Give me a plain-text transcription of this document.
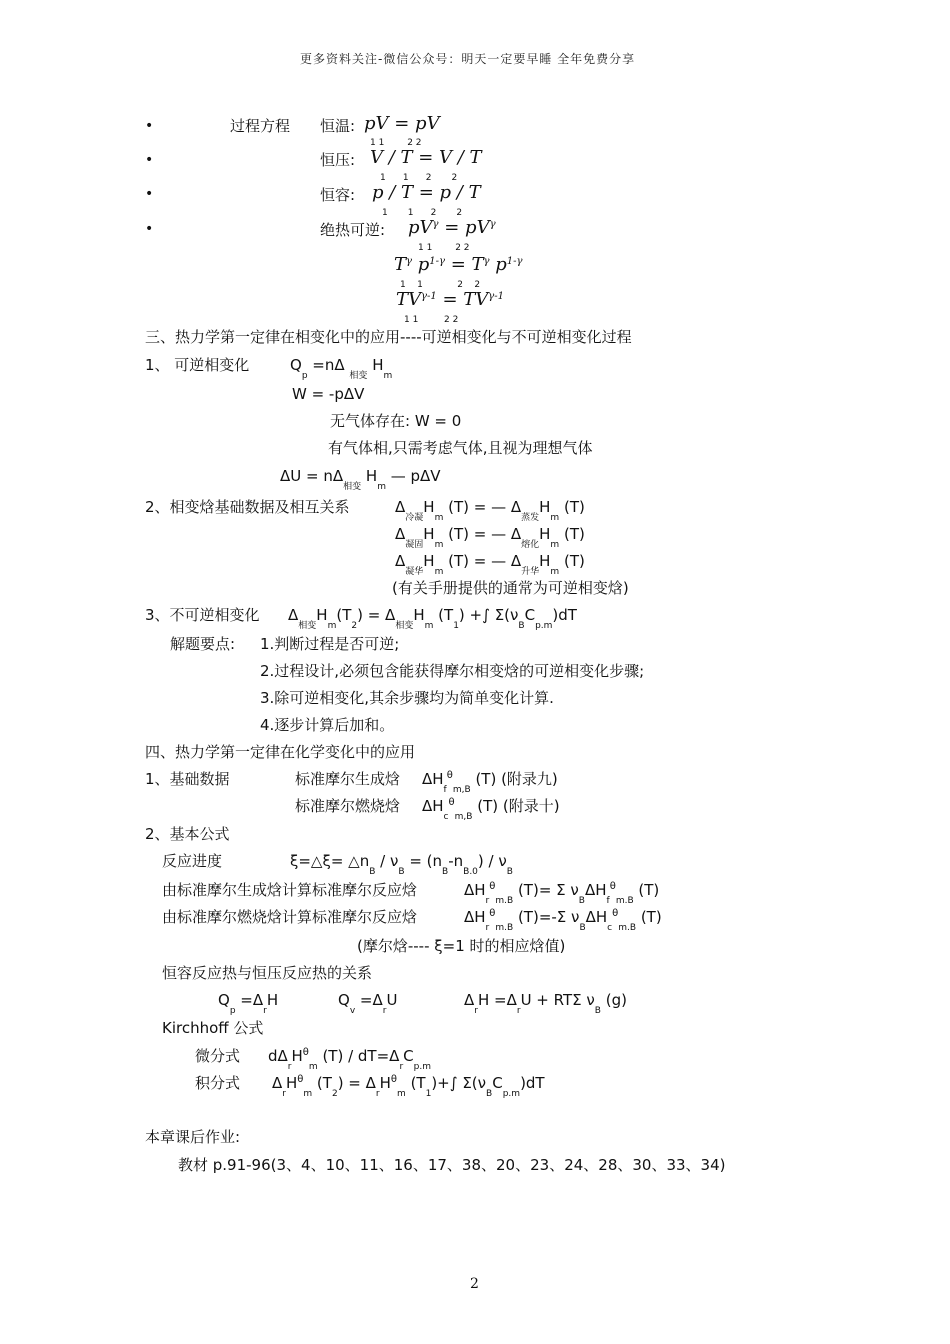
更多资料关注-微信公众号：明天一定要早睡 全年免费分享
•
•
•
•
过程方程 恒温: pV = pV
1 1        2 2
恒压: V / T = V / T
1      1      2       2
恒容: p / T = p / T
1       1      2       2
绝热可逆: $pV^\gamma = pV^\gamma$
1 1        2 2
$T^\gamma$ $p^{1-\gamma} = T^\gamma$ $p^{1-\gamma}$
1    1            2    2
$TV^{\gamma-1} = TV^{\gamma-1}$
1 1         2 2
三、热力学第一定律在相变化中的应用----可逆相变化与不可逆相变化过程
1、 可逆相变化	$Q_p =n\Delta$ $_{相变}$ $H_m$
W = -pΔV
无气体存在: W = 0
有气体相,只需考虑气体,且视为理想气体
$\Delta U = n\Delta_{相变}$ $H_m$ — pΔV
2、相变焓基础数据及相互关系	$\Delta_{冷凝}H_m$ (T) = — $\Delta_{蒸发}H_m$ (T)
$\Delta_{凝固}H_m$ (T) = — $\Delta_{熔化}H_m$ (T)
$\Delta_{凝华}H_m$ (T) = — $\Delta_{升华}H_m$ (T)
(有关手册提供的通常为可逆相变焓)
3、不可逆相变化 $\Delta_{相变}H_m(T_2) = \Delta_{相变}H_m$ $(T_1)$ +∫ $\Sigma(\nu_BC_{p.m})dT$
解题要点: 1.判断过程是否可逆;
2.过程设计,必须包含能获得摩尔相变焓的可逆相变化步骤;
3.除可逆相变化,其余步骤均为简单变化计算.
4.逐步计算后加和。
四、热力学第一定律在化学变化中的应用
1、基础数据	标准摩尔生成焓 $\Delta H_f^\theta_{m,B}$ (T) (附录九)
标准摩尔燃烧焓 $\Delta H_c^\theta_{m,B}$ (T) (附录十)
2、基本公式
反应进度	ξ=△ξ= $\triangle n_B / \nu_B = (n_B-n_{B.0}) / \nu_B$
由标准摩尔生成焓计算标准摩尔反应焓	$\Delta H_r^\theta_{m.B}$ (T)= Σ $\nu_B\Delta H_f^\theta_{m.B}$ (T)
由标准摩尔燃烧焓计算标准摩尔反应焓	$\Delta H_r^\theta_{m.B}$ (T)=-Σ $\nu_B\Delta H_c^\theta_{m.B}$ (T)
(摩尔焓---- ξ=1 时的相应焓值)
恒容反应热与恒压反应热的关系
$Q_p =\Delta_rH$	$Q_v =\Delta_rU$	$\Delta_rH =\Delta_rU + RT\Sigma$ $\nu_B$ (g)
Kirchhoff 公式
微分式 $d\Delta_rH^\theta_m$ $(T) / dT=\Delta_rC_{p.m}$
积分式 $\Delta_rH^\theta_m$ $(T_2) = \Delta_rH^\theta_m$ $(T_1)+\int$ $\Sigma(\nu_BC_{p.m})dT$
本章课后作业:
教材 p.91-96(3、4、10、11、16、17、38、20、23、24、28、30、33、34)
2
